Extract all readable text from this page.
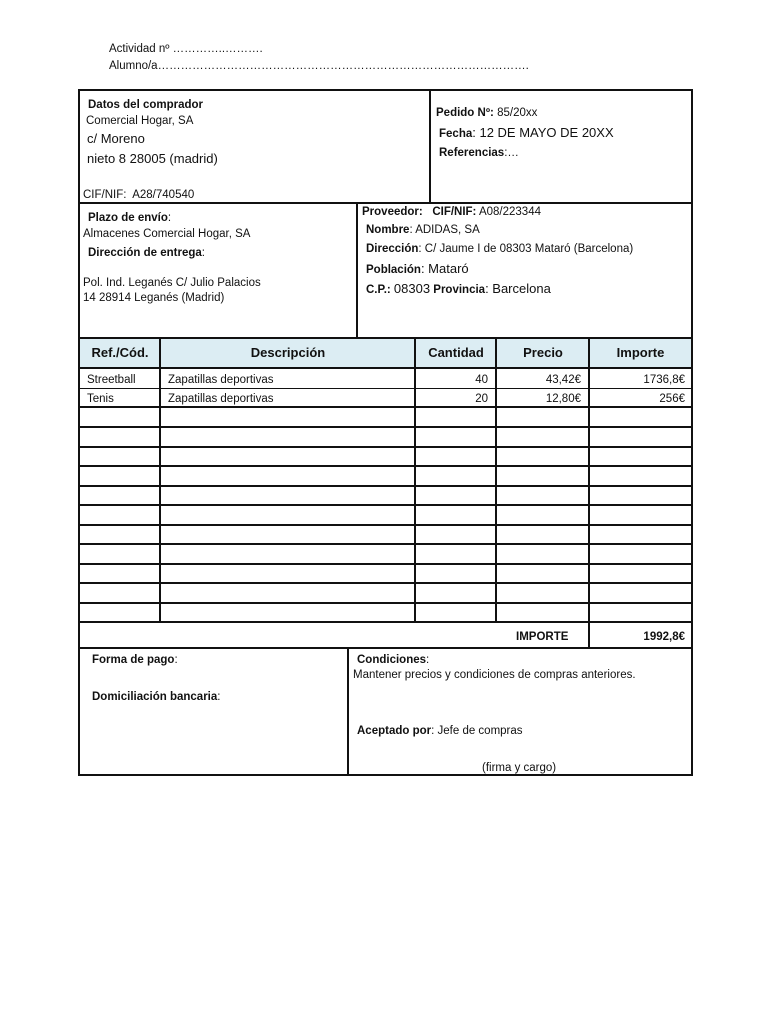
Actividad nº …………..……….
Alumno/a…………………………………………………………………………………….
Ref./Cód.	Descripción	Cantidad	Precio	Importe
Datos del comprador
Comercial Hogar, SA
c/ Moreno
nieto 8 28005 (madrid)
CIF/NIF: A28/740540
Pedido Nº: 85/20xx
Fecha: 12 DE MAYO DE 20XX
Referencias:…
Plazo de envío:
Almacenes Comercial Hogar, SA
Dirección de entrega:
Pol. Ind. Leganés C/ Julio Palacios
14 28914 Leganés (Madrid)
Proveedor: CIF/NIF: A08/223344
Nombre: ADIDAS, SA
Dirección: C/ Jaume I de 08303 Mataró (Barcelona)
Población: Mataró
C.P.: 08303 Provincia: Barcelona
Streetball	Zapatillas deportivas	40	43,42€	1736,8€
Tenis	Zapatillas deportivas	20	12,80€	256€
IMPORTE	1992,8€
Forma de pago:
Domiciliación bancaria:
Condiciones:
Mantener precios y condiciones de compras anteriores.
Aceptado por: Jefe de compras
(firma y cargo)
